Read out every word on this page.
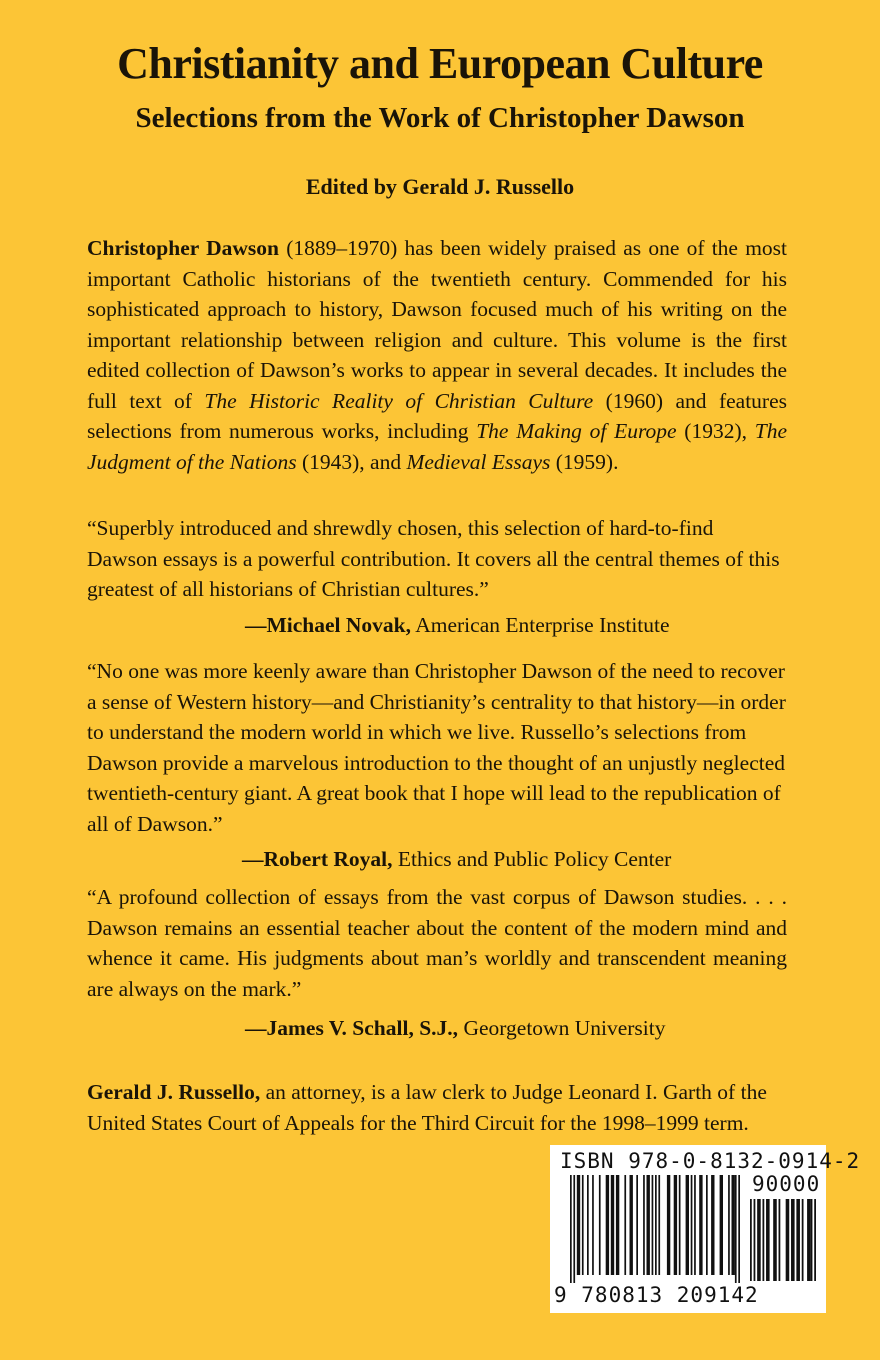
Christianity and European Culture
Selections from the Work of Christopher Dawson

Edited by Gerald J. Russello

Christopher Dawson (1889–1970) has been widely praised as one of the most important Catholic historians of the twentieth century. Commended for his sophisticated approach to history, Dawson focused much of his writing on the important relationship between religion and culture. This volume is the first edited collection of Dawson’s works to appear in several decades. It includes the full text of The Historic Reality of Christian Culture (1960) and features selections from numerous works, including The Making of Europe (1932), The Judgment of the Nations (1943), and Medieval Essays (1959).

“Superbly introduced and shrewdly chosen, this selection of hard-to-find Dawson essays is a powerful contribution. It covers all the central themes of this greatest of all historians of Christian cultures.”

—Michael Novak, American Enterprise Institute

“No one was more keenly aware than Christopher Dawson of the need to recover a sense of Western history—and Christianity’s centrality to that history—in order to understand the modern world in which we live. Russello’s selections from Dawson provide a marvelous introduction to the thought of an unjustly neglected twentieth-century giant. A great book that I hope will lead to the republication of all of Dawson.”

—Robert Royal, Ethics and Public Policy Center

“A profound collection of essays from the vast corpus of Dawson studies. . . . Dawson remains an essential teacher about the content of the modern mind and whence it came. His judgments about man’s worldly and transcendent meaning are always on the mark.”

—James V. Schall, S.J., Georgetown University

Gerald J. Russello, an attorney, is a law clerk to Judge Leonard I. Garth of the United States Court of Appeals for the Third Circuit for the 1998–1999 term.

ISBN 978-0-8132-0914-2
90000
9 780813 209142
